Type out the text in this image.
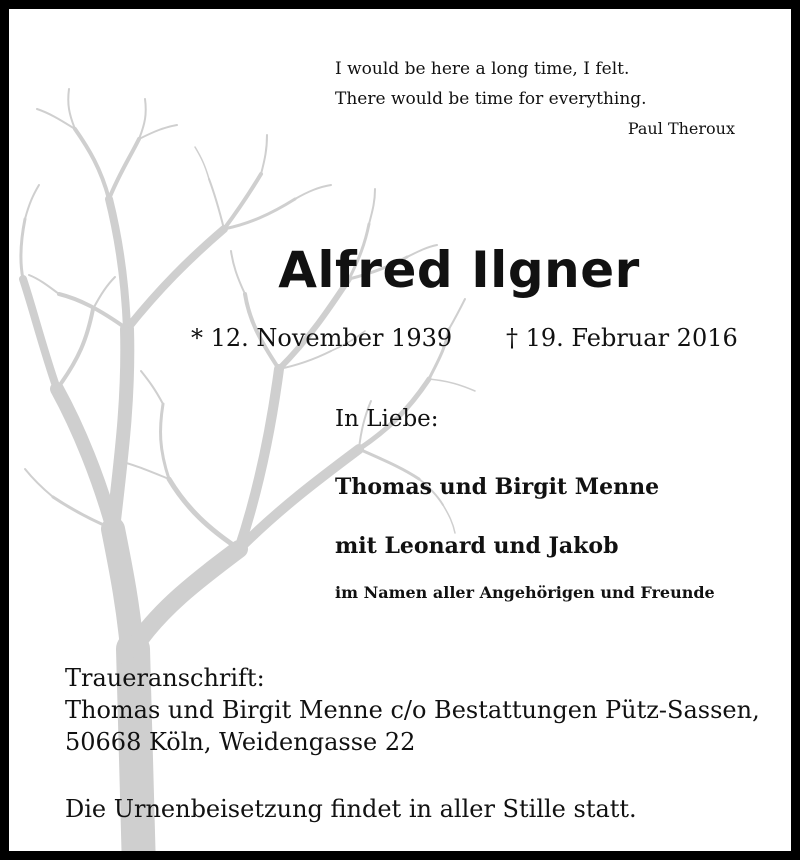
I would be here a long time, I felt.
There would be time for everything.
Paul Theroux
Alfred Ilgner
* 12. November 1939 † 19. Februar 2016
In Liebe:
Thomas und Birgit Menne
mit Leonard und Jakob
im Namen aller Angehörigen und Freunde
Traueranschrift:
Thomas und Birgit Menne c/o Bestattungen Pütz-Sassen,
50668 Köln, Weidengasse 22
Die Urnenbeisetzung findet in aller Stille statt.
